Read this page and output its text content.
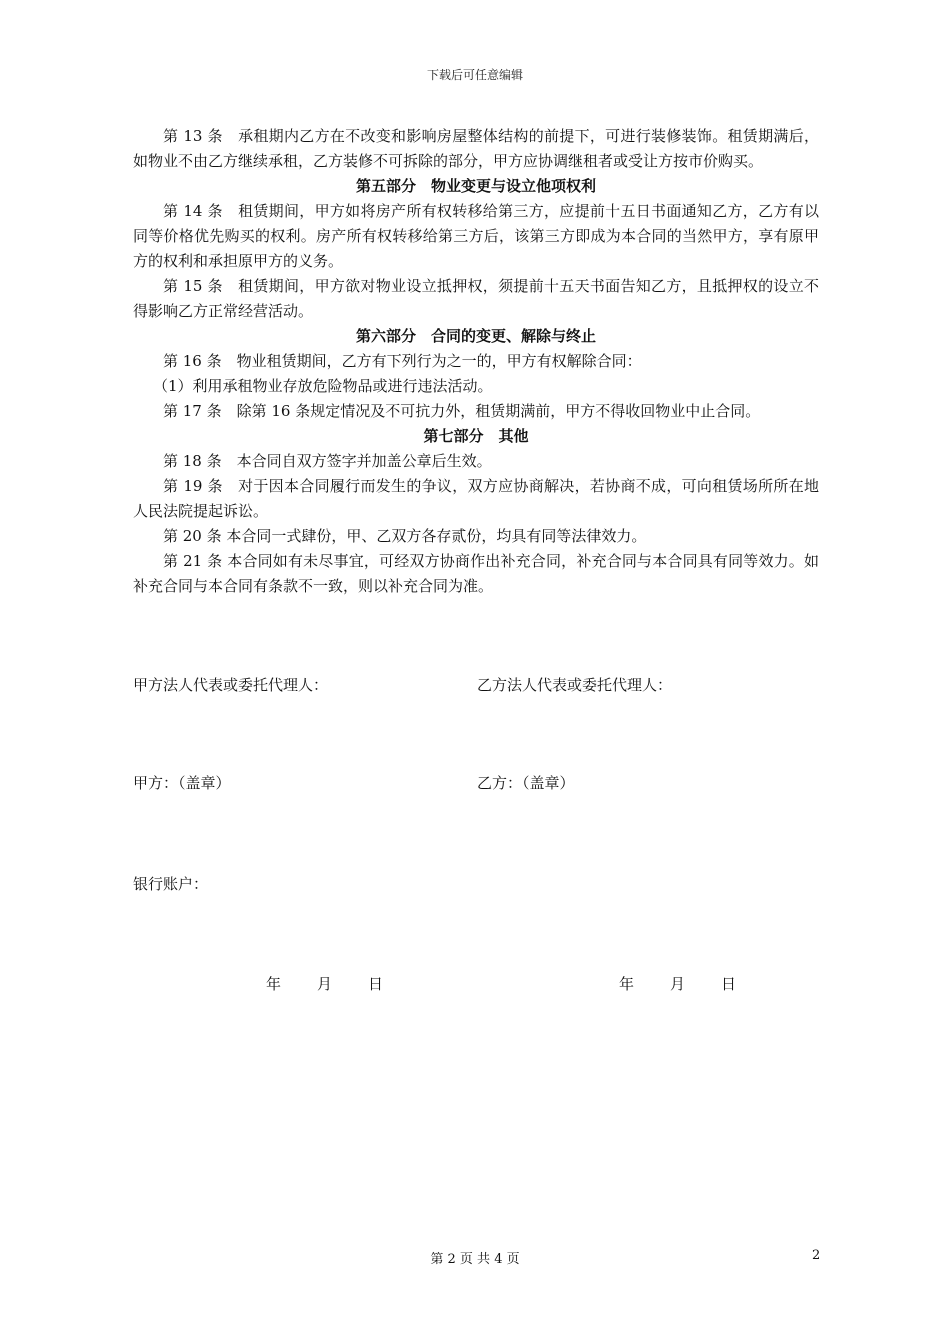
下载后可任意编辑

第 13 条　承租期内乙方在不改变和影响房屋整体结构的前提下，可进行装修装饰。租赁期满后，如物业不由乙方继续承租，乙方装修不可拆除的部分，甲方应协调继租者或受让方按市价购买。

第五部分　物业变更与设立他项权利

第 14 条　租赁期间，甲方如将房产所有权转移给第三方，应提前十五日书面通知乙方，乙方有以同等价格优先购买的权利。房产所有权转移给第三方后，该第三方即成为本合同的当然甲方，享有原甲方的权利和承担原甲方的义务。

第 15 条　租赁期间，甲方欲对物业设立抵押权，须提前十五天书面告知乙方，且抵押权的设立不得影响乙方正常经营活动。

第六部分　合同的变更、解除与终止

第 16 条　物业租赁期间，乙方有下列行为之一的，甲方有权解除合同：

（1）利用承租物业存放危险物品或进行违法活动。

第 17 条　除第 16 条规定情况及不可抗力外，租赁期满前，甲方不得收回物业中止合同。

第七部分　其他

第 18 条　本合同自双方签字并加盖公章后生效。

第 19 条　对于因本合同履行而发生的争议，双方应协商解决，若协商不成，可向租赁场所所在地人民法院提起诉讼。

第 20 条 本合同一式肆份，甲、乙双方各存贰份，均具有同等法律效力。

第 21 条 本合同如有未尽事宜，可经双方协商作出补充合同，补充合同与本合同具有同等效力。如补充合同与本合同有条款不一致，则以补充合同为准。

甲方法人代表或委托代理人：	乙方法人代表或委托代理人：
甲方：（盖章）	乙方：（盖章）
银行账户：
年 月 日	年 月 日
第 2 页 共 4 页	2
